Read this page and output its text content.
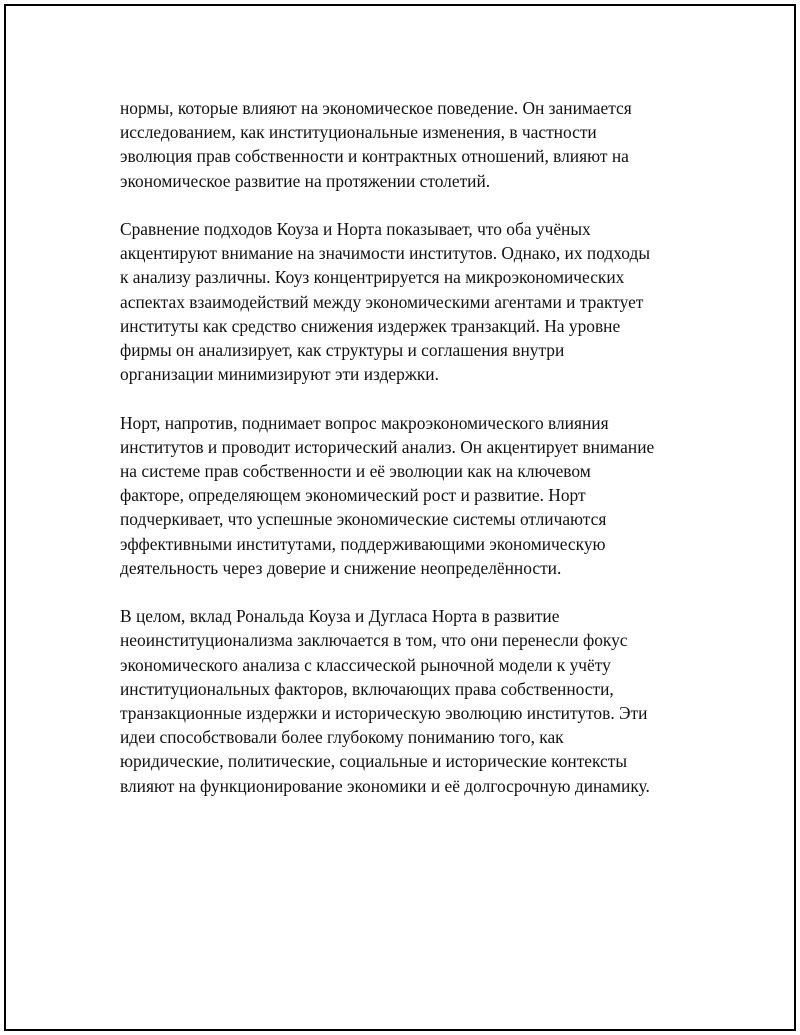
нормы, которые влияют на экономическое поведение. Он занимается
исследованием, как институциональные изменения, в частности
эволюция прав собственности и контрактных отношений, влияют на
экономическое развитие на протяжении столетий.

Сравнение подходов Коуза и Норта показывает, что оба учёных
акцентируют внимание на значимости институтов. Однако, их подходы
к анализу различны. Коуз концентрируется на микроэкономических
аспектах взаимодействий между экономическими агентами и трактует
институты как средство снижения издержек транзакций. На уровне
фирмы он анализирует, как структуры и соглашения внутри
организации минимизируют эти издержки.

Норт, напротив, поднимает вопрос макроэкономического влияния
институтов и проводит исторический анализ. Он акцентирует внимание
на системе прав собственности и её эволюции как на ключевом
факторе, определяющем экономический рост и развитие. Норт
подчеркивает, что успешные экономические системы отличаются
эффективными институтами, поддерживающими экономическую
деятельность через доверие и снижение неопределённости.

В целом, вклад Рональда Коуза и Дугласа Норта в развитие
неоинституционализма заключается в том, что они перенесли фокус
экономического анализа с классической рыночной модели к учёту
институциональных факторов, включающих права собственности,
транзакционные издержки и историческую эволюцию институтов. Эти
идеи способствовали более глубокому пониманию того, как
юридические, политические, социальные и исторические контексты
влияют на функционирование экономики и её долгосрочную динамику.
